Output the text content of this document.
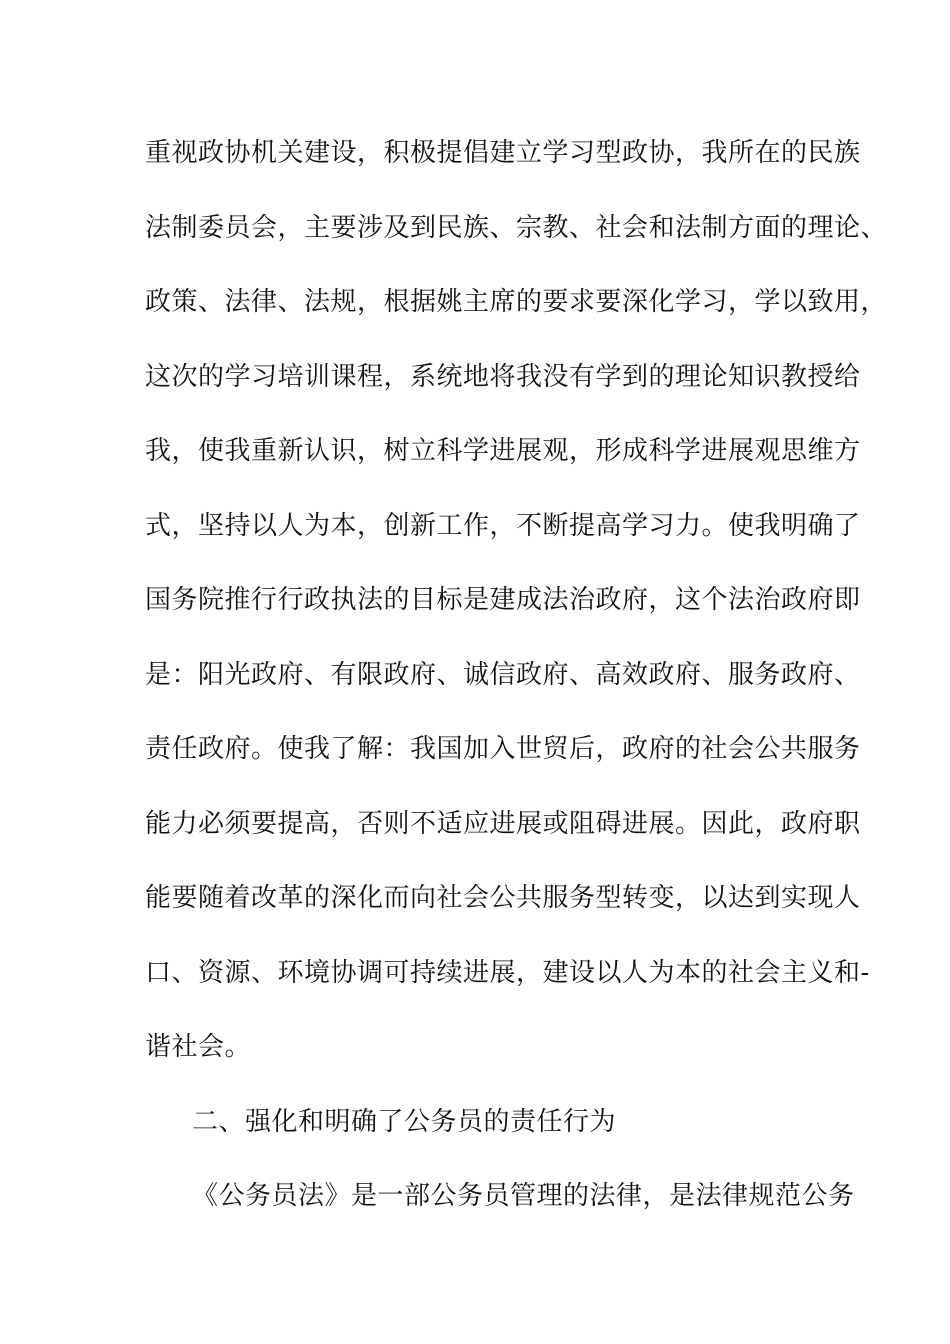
重视政协机关建设，积极提倡建立学习型政协，我所在的民族
法制委员会，主要涉及到民族、宗教、社会和法制方面的理论、
政策、法律、法规，根据姚主席的要求要深化学习，学以致用，
这次的学习培训课程，系统地将我没有学到的理论知识教授给
我，使我重新认识，树立科学进展观，形成科学进展观思维方
式，坚持以人为本，创新工作，不断提高学习力。使我明确了
国务院推行行政执法的目标是建成法治政府，这个法治政府即
是：阳光政府、有限政府、诚信政府、高效政府、服务政府、
责任政府。使我了解：我国加入世贸后，政府的社会公共服务
能力必须要提高，否则不适应进展或阻碍进展。因此，政府职
能要随着改革的深化而向社会公共服务型转变，以达到实现人
口、资源、环境协调可持续进展，建设以人为本的社会主义和-
谐社会。
二、强化和明确了公务员的责任行为
《公务员法》是一部公务员管理的法律，是法律规范公务
